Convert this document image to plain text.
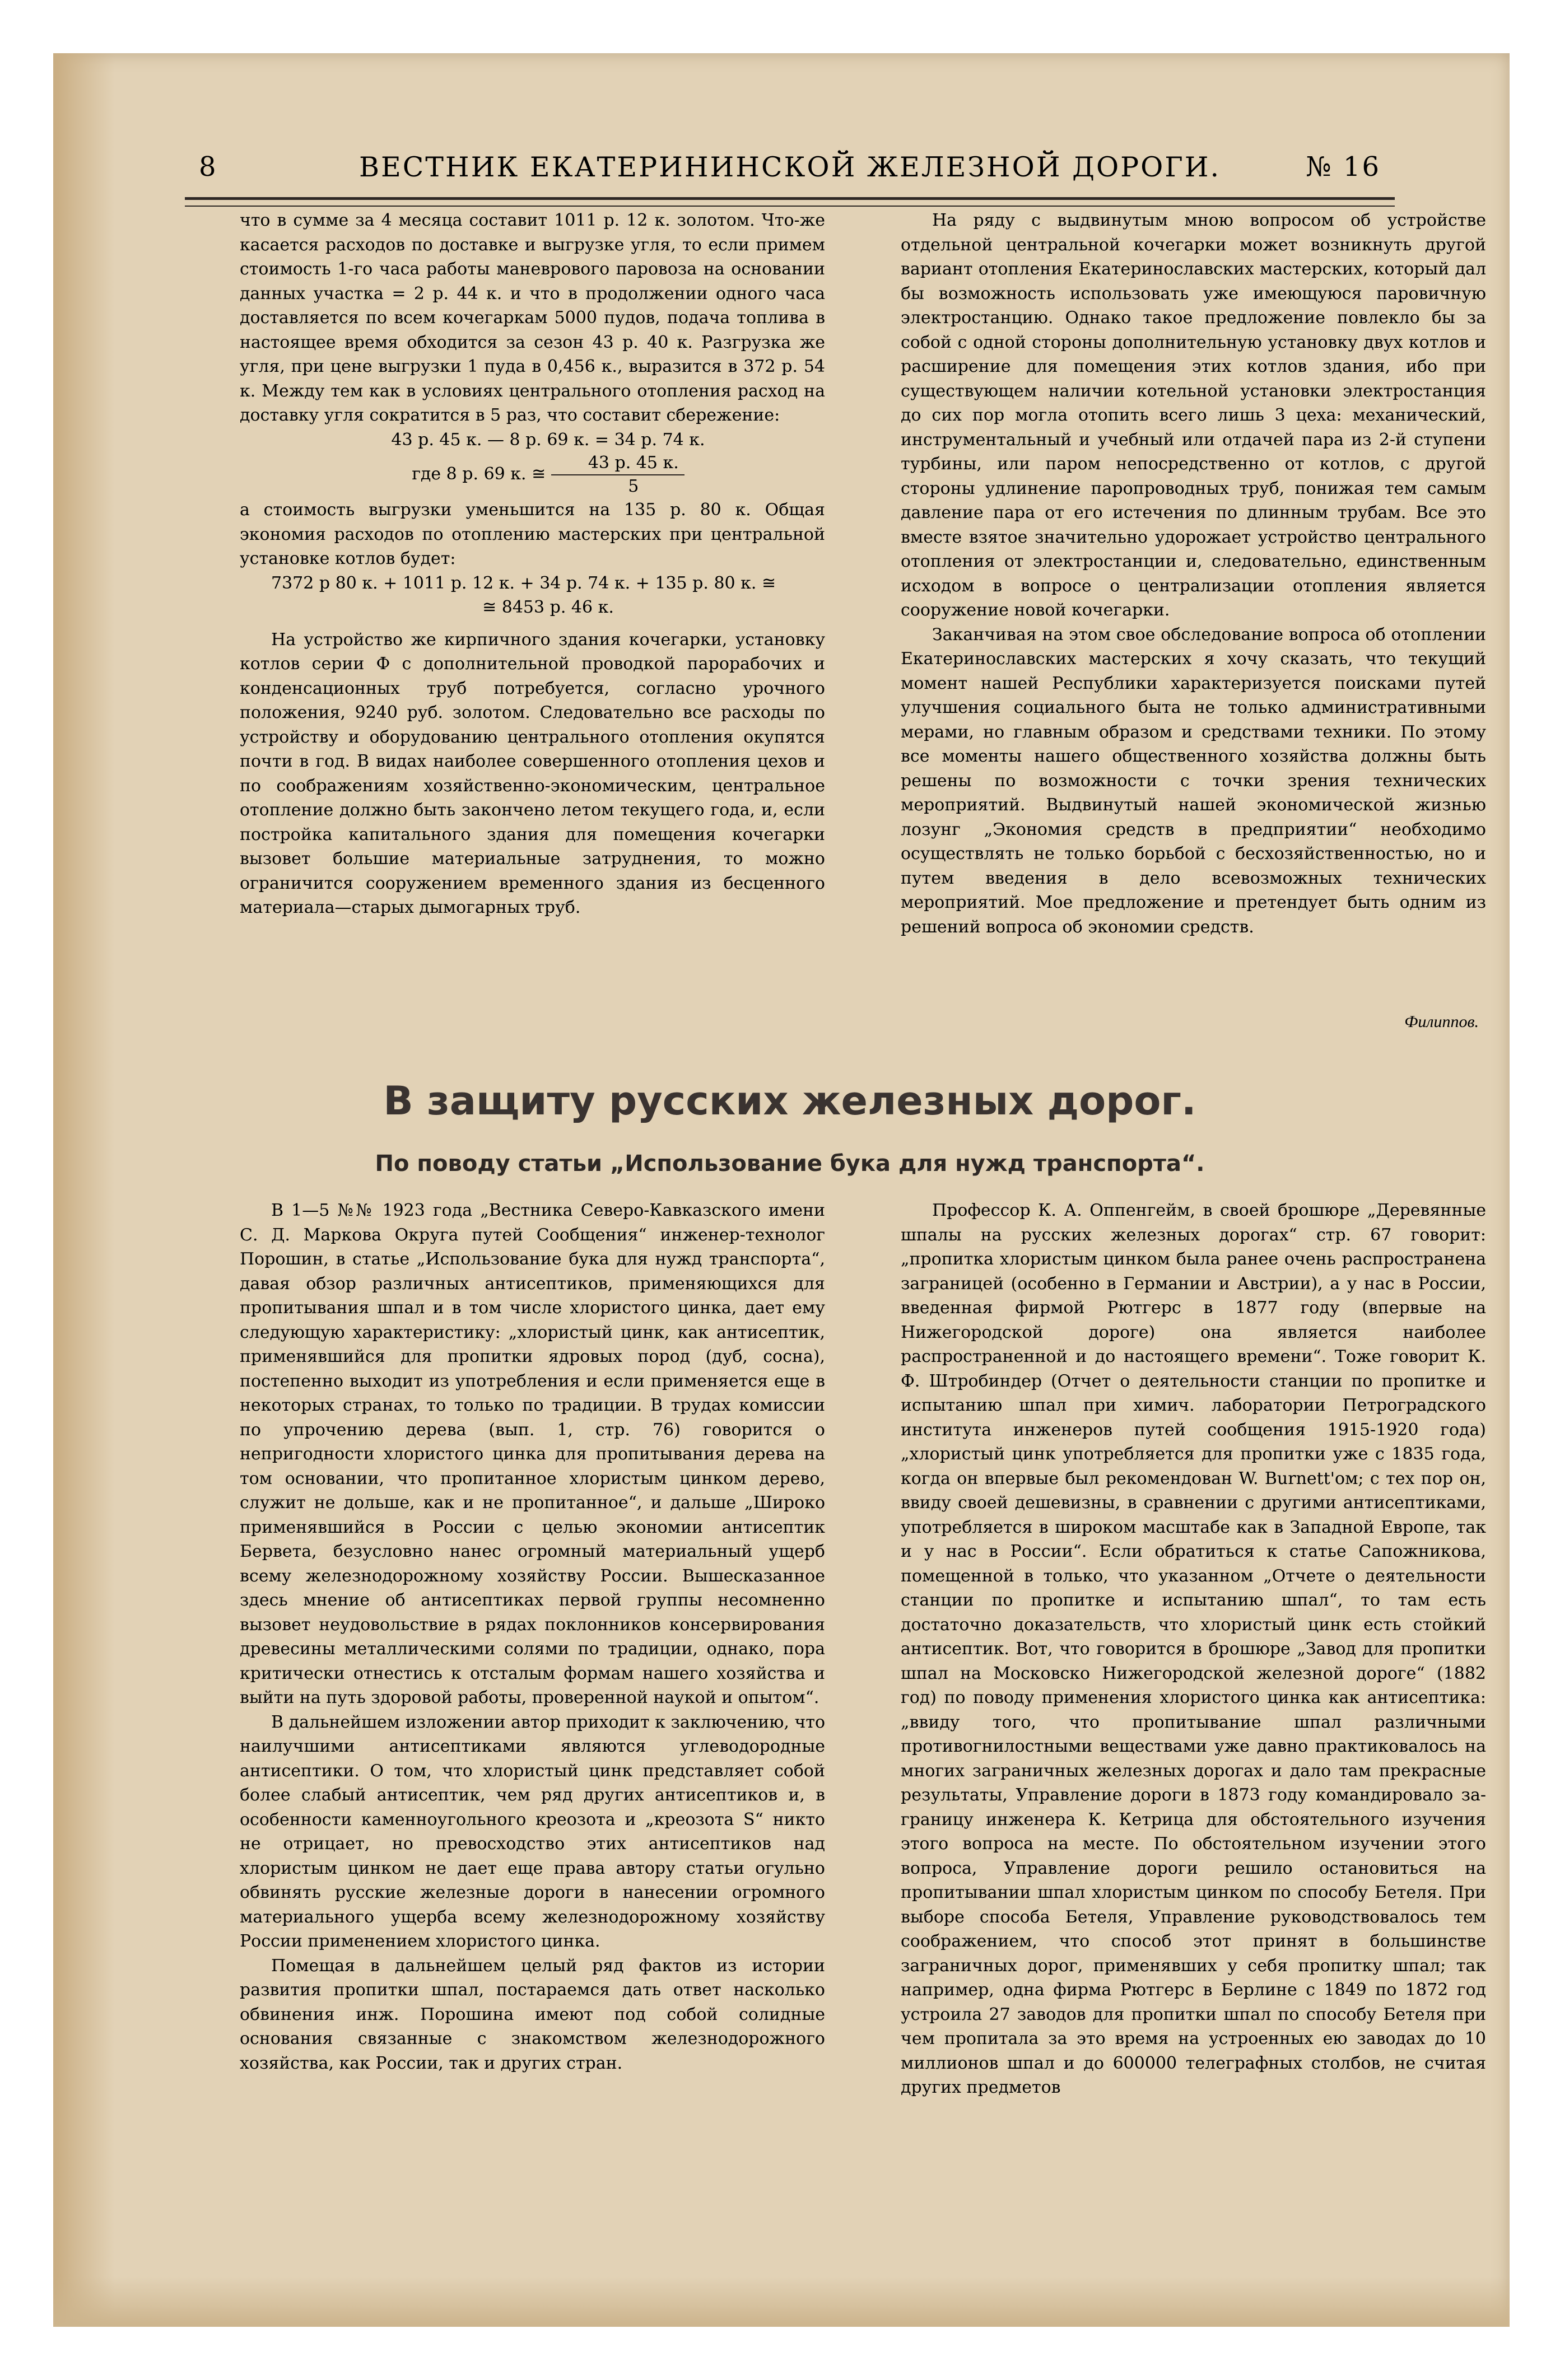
8	ВЕСТНИК ЕКАТЕРИНИНСКОЙ ЖЕЛЕЗНОЙ ДОРОГИ.	№ 16

что в сумме за 4 месяца составит 1011 р. 12 к. золотом. Что-же касается расходов по доставке и выгрузке угля, то если примем стоимость 1-го часа работы маневрового паровоза на основании данных участка = 2 р. 44 к. и что в продолжении одного часа доставляется по всем кочегаркам 5000 пудов, подача топлива в настоящее время обходится за сезон 43 р. 40 к. Разгрузка же угля, при цене выгрузки 1 пуда в 0,456 к., выразится в 372 р. 54 к. Между тем как в условиях центрального отопления расход на доставку угля сократится в 5 раз, что составит сбережение:

43 р. 45 к. — 8 р. 69 к. = 34 р. 74 к.

где 8 р. 69 к. ≅ $\frac{43 р. 45 к.}{5}$

а стоимость выгрузки уменьшится на 135 р. 80 к. Общая экономия расходов по отоплению мастерских при центральной установке котлов будет:

7372 р 80 к. + 1011 р. 12 к. + 34 р. 74 к. + 135 р. 80 к. ≅

≅ 8453 р. 46 к.

На устройство же кирпичного здания кочегарки, установку котлов серии Ф с дополнительной проводкой парорабочих и конденсационных труб потребуется, согласно урочного положения, 9240 руб. золотом. Следовательно все расходы по устройству и оборудованию центрального отопления окупятся почти в год. В видах наиболее совершенного отопления цехов и по соображениям хозяйственно-экономическим, центральное отопление должно быть закончено летом текущего года, и, если постройка капитального здания для помещения кочегарки вызовет большие материальные затруднения, то можно ограничится сооружением временного здания из бесценного материала—старых дымогарных труб.

На ряду с выдвинутым мною вопросом об устройстве отдельной центральной кочегарки может возникнуть другой вариант отопления Екатеринославских мастерских, который дал бы возможность использовать уже имеющуюся паровичную электростанцию. Однако такое предложение повлекло бы за собой с одной стороны дополнительную установку двух котлов и расширение для помещения этих котлов здания, ибо при существующем наличии котельной установки электростанция до сих пор могла отопить всего лишь 3 цеха: механический, инструментальный и учебный или отдачей пара из 2-й ступени турбины, или паром непосредственно от котлов, с другой стороны удлинение паропроводных труб, понижая тем самым давление пара от его истечения по длинным трубам. Все это вместе взятое значительно удорожает устройство центрального отопления от электростанции и, следовательно, единственным исходом в вопросе о централизации отопления является сооружение новой кочегарки.

Заканчивая на этом свое обследование вопроса об отоплении Екатеринославских мастерских я хочу сказать, что текущий момент нашей Республики характеризуется поисками путей улучшения социального быта не только административными мерами, но главным образом и средствами техники. По этому все моменты нашего общественного хозяйства должны быть решены по возможности с точки зрения технических мероприятий. Выдвинутый нашей экономической жизнью лозунг „Экономия средств в предприятии“ необходимо осуществлять не только борьбой с бесхозяйственностью, но и путем введения в дело всевозможных технических мероприятий. Мое предложение и претендует быть одним из решений вопроса об экономии средств.

Филиппов.
В защиту русских железных дорог.
По поводу статьи „Использование бука для нужд транспорта“.

В 1—5 №№ 1923 года „Вестника Северо-Кавказского имени С. Д. Маркова Округа путей Сообщения“ инженер-технолог Порошин, в статье „Использование бука для нужд транспорта“, давая обзор различных антисептиков, применяющихся для пропитывания шпал и в том числе хлористого цинка, дает ему следующую характеристику: „хлористый цинк, как антисептик, применявшийся для пропитки ядровых пород (дуб, сосна), постепенно выходит из употребления и если применяется еще в некоторых странах, то только по традиции. В трудах комиссии по упрочению дерева (вып. 1, стр. 76) говорится о непригодности хлористого цинка для пропитывания дерева на том основании, что пропитанное хлористым цинком дерево, служит не дольше, как и не пропитанное“, и дальше „Широко применявшийся в России с целью экономии антисептик Бервета, безусловно нанес огромный материальный ущерб всему железнодорожному хозяйству России. Вышесказанное здесь мнение об антисептиках первой группы несомненно вызовет неудовольствие в рядах поклонников консервирования древесины металлическими солями по традиции, однако, пора критически отнестись к отсталым формам нашего хозяйства и выйти на путь здоровой работы, проверенной наукой и опытом“.

В дальнейшем изложении автор приходит к заключению, что наилучшими антисептиками являются углеводородные антисептики. О том, что хлористый цинк представляет собой более слабый антисептик, чем ряд других антисептиков и, в особенности каменноугольного креозота и „креозота S“ никто не отрицает, но превосходство этих антисептиков над хлористым цинком не дает еще права автору статьи огульно обвинять русские железные дороги в нанесении огромного материального ущерба всему железнодорожному хозяйству России применением хлористого цинка.

Помещая в дальнейшем целый ряд фактов из истории развития пропитки шпал, постараемся дать ответ насколько обвинения инж. Порошина имеют под собой солидные основания связанные с знакомством железнодорожного хозяйства, как России, так и других стран.

Профессор К. А. Оппенгейм, в своей брошюре „Деревянные шпалы на русских железных дорогах“ стр. 67 говорит: „пропитка хлористым цинком была ранее очень распространена заграницей (особенно в Германии и Австрии), а у нас в России, введенная фирмой Рютгерс в 1877 году (впервые на Нижегородской дороге) она является наиболее распространенной и до настоящего времени“. Тоже говорит К. Ф. Штробиндер (Отчет о деятельности станции по пропитке и испытанию шпал при химич. лаборатории Петроградского института инженеров путей сообщения 1915-1920 года) „хлористый цинк употребляется для пропитки уже с 1835 года, когда он впервые был рекомендован W. Burnett'ом; с тех пор он, ввиду своей дешевизны, в сравнении с другими антисептиками, употребляется в широком масштабе как в Западной Европе, так и у нас в России“. Если обратиться к статье Сапожникова, помещенной в только, что указанном „Отчете о деятельности станции по пропитке и испытанию шпал“, то там есть достаточно доказательств, что хлористый цинк есть стойкий антисептик. Вот, что говорится в брошюре „Завод для пропитки шпал на Московско Нижегородской железной дороге“ (1882 год) по поводу применения хлористого цинка как антисептика: „ввиду того, что пропитывание шпал различными противогнилостными веществами уже давно практиковалось на многих заграничных железных дорогах и дало там прекрасные результаты, Управление дороги в 1873 году командировало за-границу инженера К. Кетрица для обстоятельного изучения этого вопроса на месте. По обстоятельном изучении этого вопроса, Управление дороги решило остановиться на пропитывании шпал хлористым цинком по способу Бетеля. При выборе способа Бетеля, Управление руководствовалось тем соображением, что способ этот принят в большинстве заграничных дорог, применявших у себя пропитку шпал; так например, одна фирма Рютгерс в Берлине с 1849 по 1872 год устроила 27 заводов для пропитки шпал по способу Бетеля при чем пропитала за это время на устроенных ею заводах до 10 миллионов шпал и до 600000 телеграфных столбов, не считая других предметов
